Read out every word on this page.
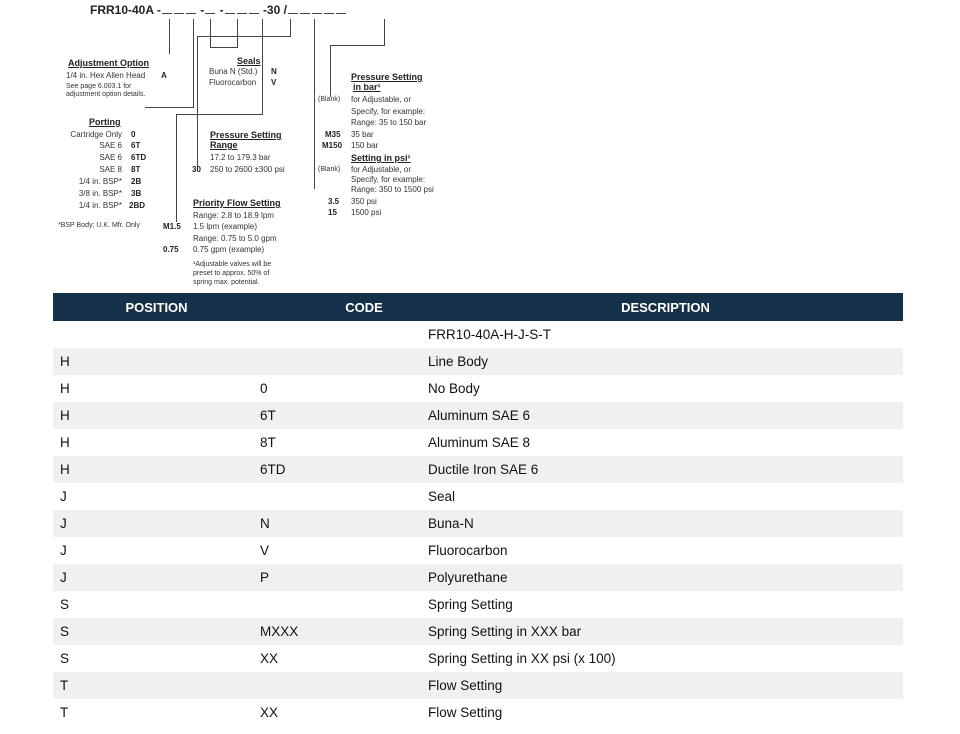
FRR10-40A -	- -	-30 /
Adjustment Option
1/4 in. Hex Allen Head A
See page 6.003.1 for
adjustment option details.
Seals
Buna N (Std.) N
Fluorocarbon V
Porting
Cartridge Only 0
SAE 6 6T
SAE 6 6TD
SAE 8 8T
1/4 in. BSP* 2B
3/8 in. BSP* 3B
1/4 in. BSP* 2BD
*BSP Body; U.K. Mfr. Only
Pressure Setting
Range
17.2 to 179.3 bar
30 250 to 2600 ±300 psi
Priority Flow Setting
Range: 2.8 to 18.9 lpm
M1.5 1.5 lpm (example)
Range: 0.75 to 5.0 gpm
0.75 0.75 gpm (example)
¹Adjustable valves will be
preset to approx. 50% of
spring max. potential.
Pressure Setting
in bar¹
(Blank) for Adjustable, or
Specify, for example:
Range: 35 to 150 bar
M35 35 bar
M150 150 bar
Setting in psi¹
(Blank) for Adjustable, or
Specify, for example:
Range: 350 to 1500 psi
3.5 350 psi
15 1500 psi
POSITION	CODE	DESCRIPTION
		FRR10-40A-H-J-S-T
H		Line Body
H	0	No Body
H	6T	Aluminum SAE 6
H	8T	Aluminum SAE 8
H	6TD	Ductile Iron SAE 6
J		Seal
J	N	Buna-N
J	V	Fluorocarbon
J	P	Polyurethane
S		Spring Setting
S	MXXX	Spring Setting in XXX bar
S	XX	Spring Setting in XX psi (x 100)
T		Flow Setting
T	XX	Flow Setting
